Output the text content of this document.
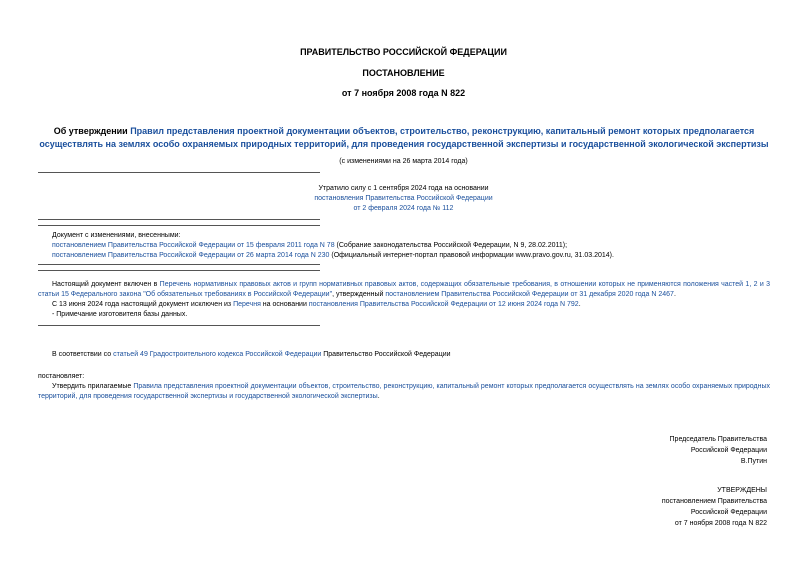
ПРАВИТЕЛЬСТВО РОССИЙСКОЙ ФЕДЕРАЦИИ
ПОСТАНОВЛЕНИЕ
от 7 ноября 2008 года N 822
Об утверждении Правил представления проектной документации объектов, строительство, реконструкцию, капитальный ремонт которых предполагается осуществлять на землях особо охраняемых природных территорий, для проведения государственной экспертизы и государственной экологической экспертизы
(с изменениями на 26 марта 2014 года)
Утратило силу с 1 сентября 2024 года на основании
постановления Правительства Российской Федерации
от 2 февраля 2024 года № 112
Документ с изменениями, внесенными:
постановлением Правительства Российской Федерации от 15 февраля 2011 года N 78 (Собрание законодательства Российской Федерации, N 9, 28.02.2011);
постановлением Правительства Российской Федерации от 26 марта 2014 года N 230 (Официальный интернет-портал правовой информации www.pravo.gov.ru, 31.03.2014).
Настоящий документ включен в Перечень нормативных правовых актов и групп нормативных правовых актов, содержащих обязательные требования, в отношении которых не применяются положения частей 1, 2 и 3 статьи 15 Федерального закона "Об обязательных требованиях в Российской Федерации", утвержденный постановлением Правительства Российской Федерации от 31 декабря 2020 года N 2467.
С 13 июня 2024 года настоящий документ исключен из Перечня на основании постановления Правительства Российской Федерации от 12 июня 2024 года N 792.
- Примечание изготовителя базы данных.
В соответствии со статьей 49 Градостроительного кодекса Российской Федерации Правительство Российской Федерации
постановляет:
Утвердить прилагаемые Правила представления проектной документации объектов, строительство, реконструкцию, капитальный ремонт которых предполагается осуществлять на землях особо охраняемых природных территорий, для проведения государственной экспертизы и государственной экологической экспертизы.
Председатель Правительства
Российской Федерации
В.Путин
УТВЕРЖДЕНЫ
постановлением Правительства
Российской Федерации
от 7 ноября 2008 года N 822
